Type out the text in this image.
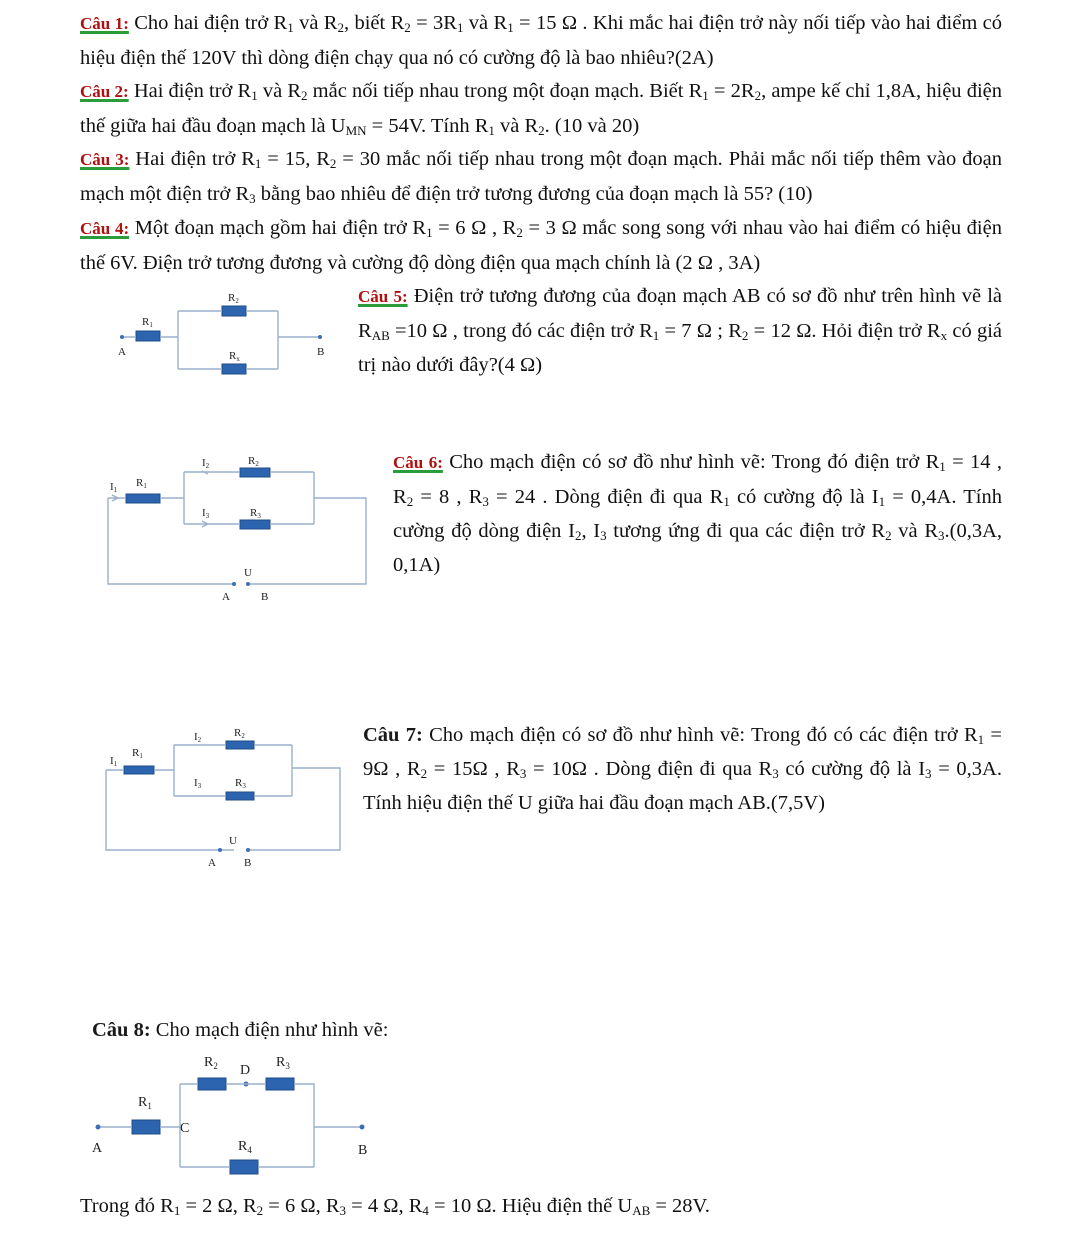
Câu 1: Cho hai điện trở $R_1$ và $R_2$, biết $R_2 = 3R_1$ và $R_1 = 15$ Ω . Khi mắc hai điện trở này nối tiếp vào hai điểm có hiệu điện thế 120V thì dòng điện chạy qua nó có cường độ là bao nhiêu?(2A)
Câu 2: Hai điện trở $R_1$ và $R_2$ mắc nối tiếp nhau trong một đoạn mạch. Biết $R_1 = 2R_2$, ampe kế chỉ 1,8A, hiệu điện thế giữa hai đầu đoạn mạch là $U_{MN} = 54V$. Tính $R_1$ và $R_2$. (10 và 20)
Câu 3: Hai điện trở $R_1 = 15$, $R_2 = 30$ mắc nối tiếp nhau trong một đoạn mạch. Phải mắc nối tiếp thêm vào đoạn mạch một điện trở $R_3$ bằng bao nhiêu để điện trở tương đương của đoạn mạch là 55? (10)
Câu 4: Một đoạn mạch gồm hai điện trở $R_1 = 6$ Ω , $R_2 = 3$ Ω mắc song song với nhau vào hai điểm có hiệu điện thế 6V. Điện trở tương đương và cường độ dòng điện qua mạch chính là (2 Ω , 3A)
R2
R1
Rx
A	B
Câu 5: Điện trở tương đương của đoạn mạch AB có sơ đồ như trên hình vẽ là $R_{AB} =10$ Ω , trong đó các điện trở $R_1 = 7$ Ω ; $R_2 = 12$ Ω. Hỏi điện trở $R_x$ có giá trị nào dưới đây?(4 Ω)
I2	R2
I1
R1
I3	R3
U
A	B
Câu 6: Cho mạch điện có sơ đồ như hình vẽ: Trong đó điện trở $R_1 = 14$ , $R_2 = 8$ , $R_3 = 24$ . Dòng điện đi qua $R_1$ có cường độ là $I_1 = 0,4A$. Tính cường độ dòng điện $I_2$, $I_3$ tương ứng đi qua các điện trở $R_2$ và $R_3.(0,3A$, 0,1A)
I2
R2
I1
R1
I3	R3
U
A	B
Câu 7: Cho mạch điện có sơ đồ như hình vẽ: Trong đó có các điện trở $R_1 = 9\Omega$ , $R_2 = 15\Omega$ , $R_3 = 10\Omega$ . Dòng điện đi qua $R_3$ có cường độ là $I_3 = 0,3A$. Tính hiệu điện thế U giữa hai đầu đoạn mạch AB.(7,5V)
Câu 8: Cho mạch điện như hình vẽ:
$R_2$ D
$R_3$
$R_1$
C
$R_4$
A	B
Trong đó $R_1 = 2$ Ω, $R_2 = 6$ Ω, $R_3 = 4$ Ω, $R_4 = 10$ Ω. Hiệu điện thế $U_{AB} = 28V$.
